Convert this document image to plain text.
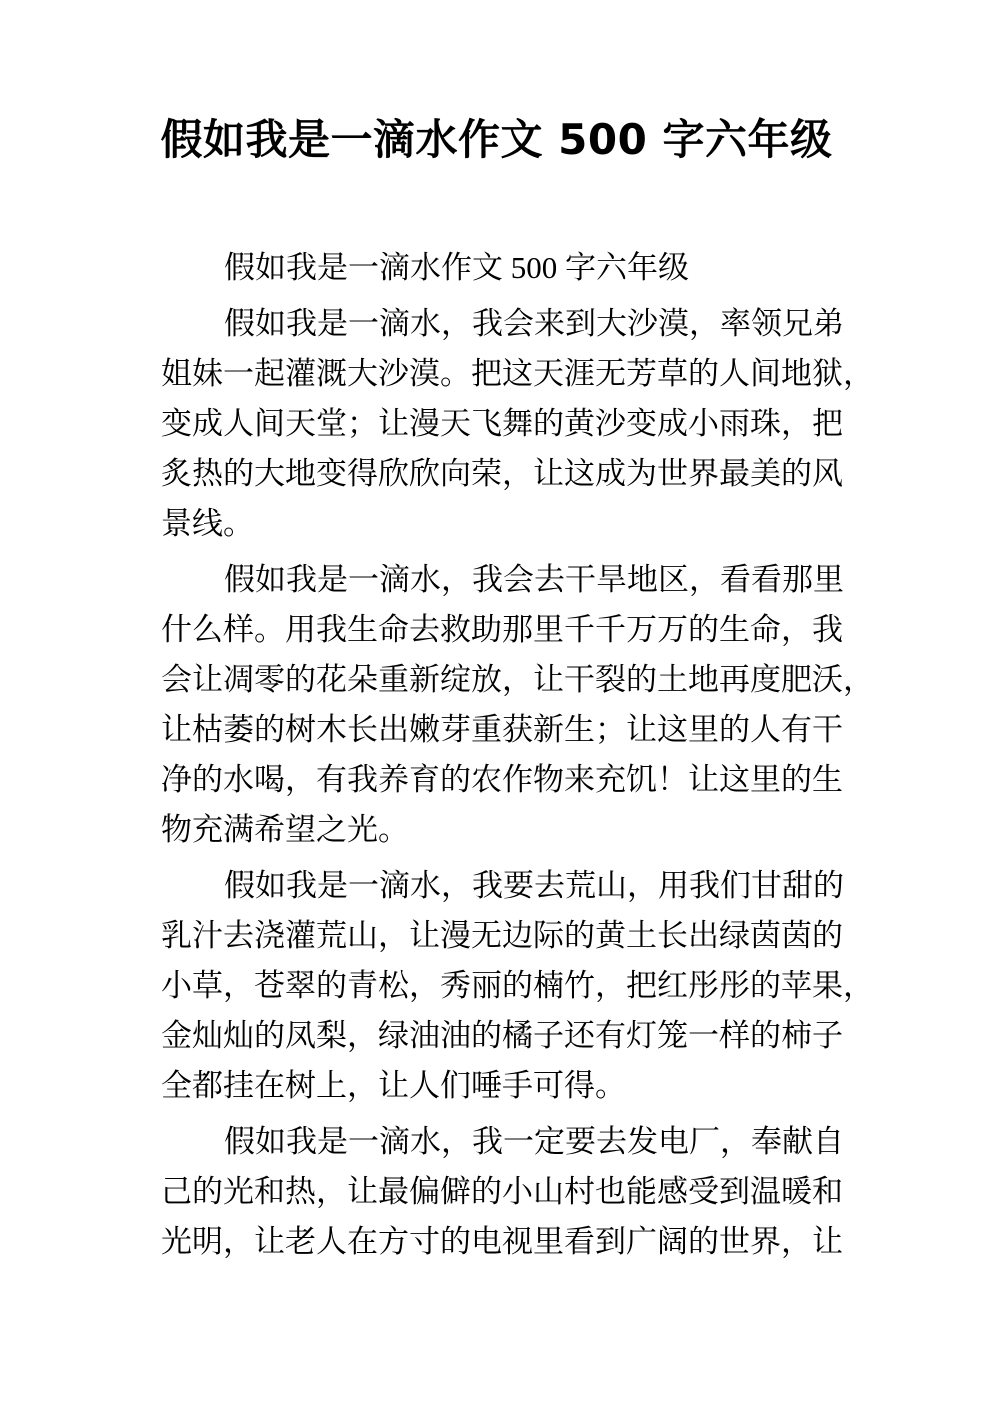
假如我是一滴水作文 500 字六年级

假如我是一滴水作文 500 字六年级

假如我是一滴水，我会来到大沙漠，率领兄弟
姐妹一起灌溉大沙漠。把这天涯无芳草的人间地狱，
变成人间天堂；让漫天飞舞的黄沙变成小雨珠，把
炙热的大地变得欣欣向荣，让这成为世界最美的风
景线。

假如我是一滴水，我会去干旱地区，看看那里
什么样。用我生命去救助那里千千万万的生命，我
会让凋零的花朵重新绽放，让干裂的土地再度肥沃，
让枯萎的树木长出嫩芽重获新生；让这里的人有干
净的水喝，有我养育的农作物来充饥！让这里的生
物充满希望之光。

假如我是一滴水，我要去荒山，用我们甘甜的
乳汁去浇灌荒山，让漫无边际的黄土长出绿茵茵的
小草，苍翠的青松，秀丽的楠竹，把红彤彤的苹果，
金灿灿的凤梨，绿油油的橘子还有灯笼一样的柿子
全都挂在树上，让人们唾手可得。

假如我是一滴水，我一定要去发电厂，奉献自
己的光和热，让最偏僻的小山村也能感受到温暖和
光明，让老人在方寸的电视里看到广阔的世界，让
